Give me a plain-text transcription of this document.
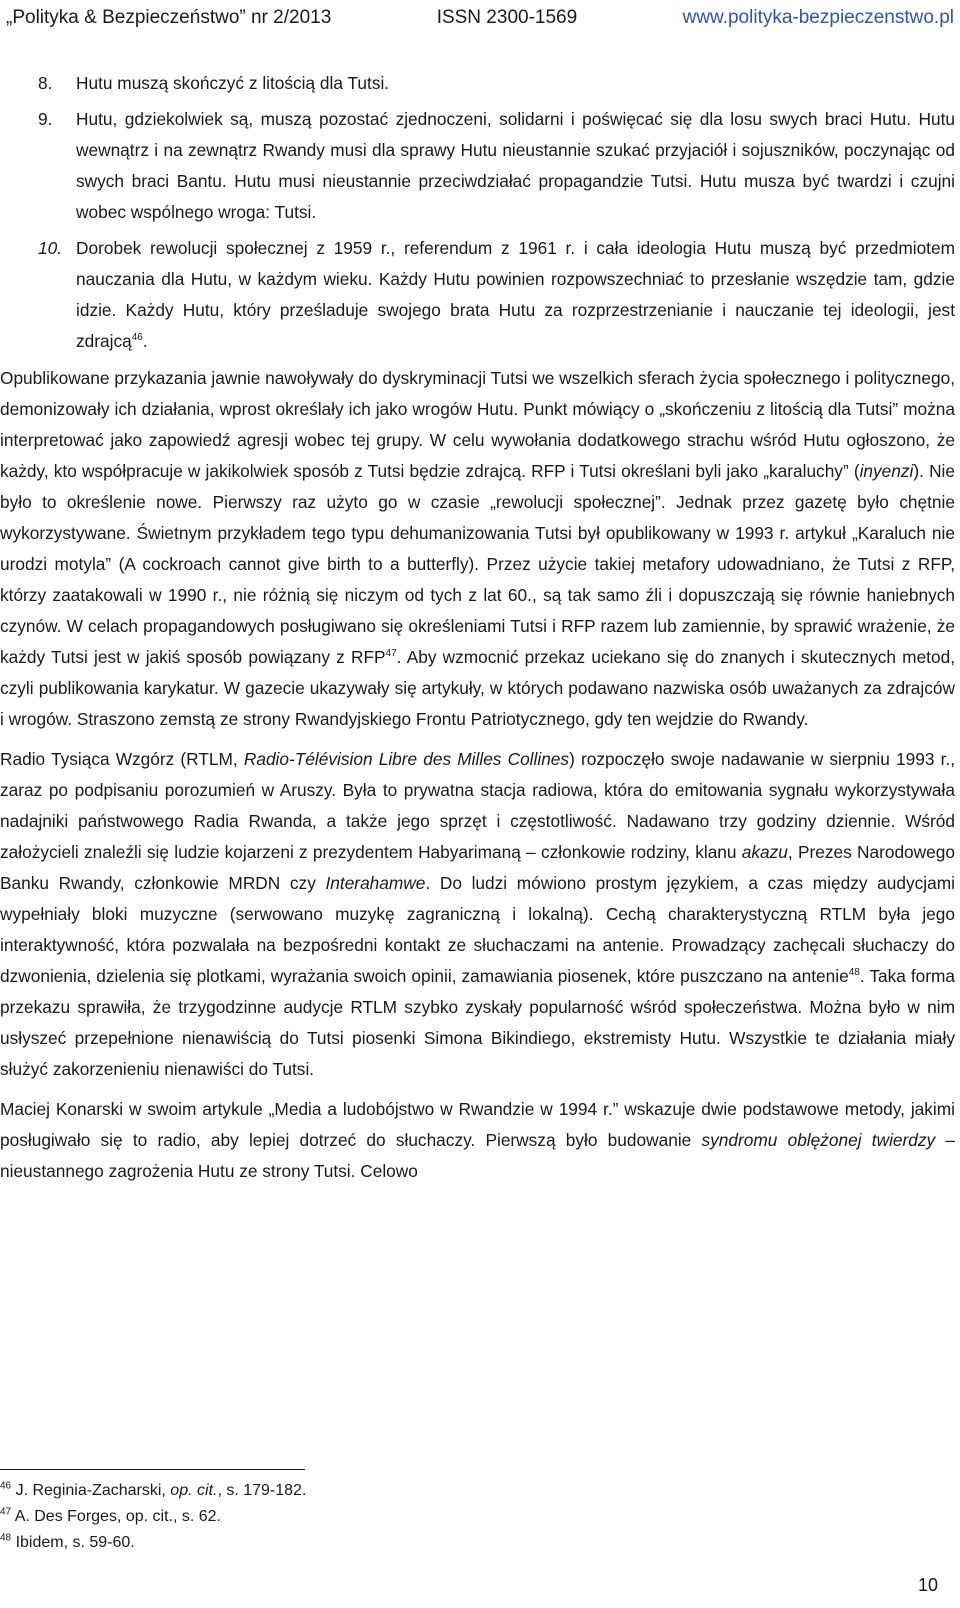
„Polityka & Bezpieczeństwo” nr 2/2013	ISSN 2300-1569	www.polityka-bezpieczenstwo.pl
8.	Hutu muszą skończyć z litością dla Tutsi.
9.	Hutu, gdziekolwiek są, muszą pozostać zjednoczeni, solidarni i poświęcać się dla losu swych braci Hutu. Hutu wewnątrz i na zewnątrz Rwandy musi dla sprawy Hutu nieustannie szukać przyjaciół i sojuszników, poczynając od swych braci Bantu. Hutu musi nieustannie przeciwdziałać propagandzie Tutsi. Hutu musza być twardzi i czujni wobec wspólnego wroga: Tutsi.
10. Dorobek rewolucji społecznej z 1959 r., referendum z 1961 r. i cała ideologia Hutu muszą być przedmiotem nauczania dla Hutu, w każdym wieku. Każdy Hutu powinien rozpowszechniać to przesłanie wszędzie tam, gdzie idzie. Każdy Hutu, który prześladuje swojego brata Hutu za rozprzestrzenianie i nauczanie tej ideologii, jest zdrajcą$^{46}$.

Opublikowane przykazania jawnie nawoływały do dyskryminacji Tutsi we wszelkich sferach życia społecznego i politycznego, demonizowały ich działania, wprost określały ich jako wrogów Hutu. Punkt mówiący o „skończeniu z litością dla Tutsi” można interpretować jako zapowiedź agresji wobec tej grupy. W celu wywołania dodatkowego strachu wśród Hutu ogłoszono, że każdy, kto współpracuje w jakikolwiek sposób z Tutsi będzie zdrajcą. RFP i Tutsi określani byli jako „karaluchy” (inyenzi). Nie było to określenie nowe. Pierwszy raz użyto go w czasie „rewolucji społecznej”. Jednak przez gazetę było chętnie wykorzystywane. Świetnym przykładem tego typu dehumanizowania Tutsi był opublikowany w 1993 r. artykuł „Karaluch nie urodzi motyla” (A cockroach cannot give birth to a butterfly). Przez użycie takiej metafory udowadniano, że Tutsi z RFP, którzy zaatakowali w 1990 r., nie różnią się niczym od tych z lat 60., są tak samo źli i dopuszczają się równie haniebnych czynów. W celach propagandowych posługiwano się określeniami Tutsi i RFP razem lub zamiennie, by sprawić wrażenie, że każdy Tutsi jest w jakiś sposób powiązany z RFP$^{47}$. Aby wzmocnić przekaz uciekano się do znanych i skutecznych metod, czyli publikowania karykatur. W gazecie ukazywały się artykuły, w których podawano nazwiska osób uważanych za zdrajców i wrogów. Straszono zemstą ze strony Rwandyjskiego Frontu Patriotycznego, gdy ten wejdzie do Rwandy.

Radio Tysiąca Wzgórz (RTLM, Radio-Télévision Libre des Milles Collines) rozpoczęło swoje nadawanie w sierpniu 1993 r., zaraz po podpisaniu porozumień w Aruszy. Była to prywatna stacja radiowa, która do emitowania sygnału wykorzystywała nadajniki państwowego Radia Rwanda, a także jego sprzęt i częstotliwość. Nadawano trzy godziny dziennie. Wśród założycieli znaleźli się ludzie kojarzeni z prezydentem Habyarimaną – członkowie rodziny, klanu akazu, Prezes Narodowego Banku Rwandy, członkowie MRDN czy Interahamwe. Do ludzi mówiono prostym językiem, a czas między audycjami wypełniały bloki muzyczne (serwowano muzykę zagraniczną i lokalną). Cechą charakterystyczną RTLM była jego interaktywność, która pozwalała na bezpośredni kontakt ze słuchaczami na antenie. Prowadzący zachęcali słuchaczy do dzwonienia, dzielenia się plotkami, wyrażania swoich opinii, zamawiania piosenek, które puszczano na antenie$^{48}$. Taka forma przekazu sprawiła, że trzygodzinne audycje RTLM szybko zyskały popularność wśród społeczeństwa. Można było w nim usłyszeć przepełnione nienawiścią do Tutsi piosenki Simona Bikindiego, ekstremisty Hutu. Wszystkie te działania miały służyć zakorzenieniu nienawiści do Tutsi.

Maciej Konarski w swoim artykule „Media a ludobójstwo w Rwandzie w 1994 r.” wskazuje dwie podstawowe metody, jakimi posługiwało się to radio, aby lepiej dotrzeć do słuchaczy. Pierwszą było budowanie syndromu oblężonej twierdzy – nieustannego zagrożenia Hutu ze strony Tutsi. Celowo

$^{46}$ J. Reginia-Zacharski, op. cit., s. 179-182.
$^{47}$ A. Des Forges, op. cit., s. 62.
$^{48}$ Ibidem, s. 59-60.
10
